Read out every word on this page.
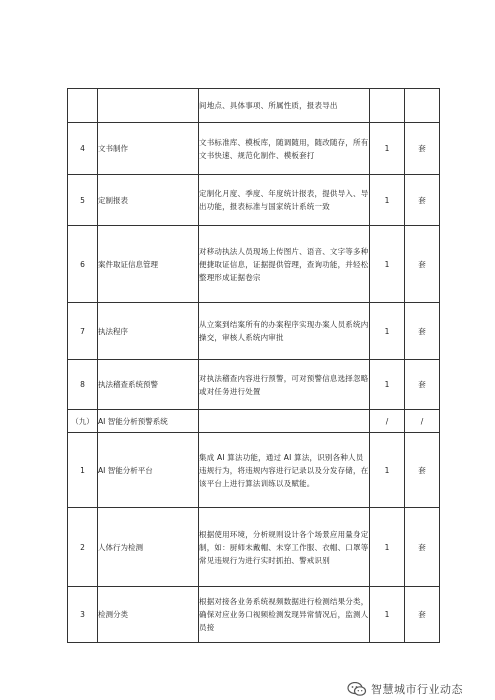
		间地点、具体事项、所属性质，报表导出		

4	文书制作	文书标准库、模板库，随调随用，随改随存，所有文书快速、规范化制作、模板套打	1	套
5	定制报表	定制化月度、季度、年度统计报表，提供导入、导出功能，报表标准与国家统计系统一致	1	套
6	案件取证信息管理	对移动执法人员现场上传图片、语音、文字等多种便捷取证信息，证据提供管理，查询功能，并轻松整理形成证据卷宗	1	套
7	执法程序	从立案到结案所有的办案程序实现办案人员系统内操交，审核人系统内审批	1	套
8	执法稽查系统预警	对执法稽查内容进行预警，可对预警信息选择忽略或对任务进行处置	1	套
（九）	AI 智能分析预警系统		/	/
1	AI 智能分析平台	集成 AI 算法功能，通过 AI 算法，识别各种人员违规行为，将违规内容进行记录以及分发存储，在该平台上进行算法训练以及赋能。	1	套
2	人体行为检测	根据使用环境，分析规则设计各个场景应用量身定制，如：厨师未戴帽、未穿工作服、衣帽、口罩等常见违规行为进行实时抓拍、警戒识别	1	套
3	检测分类	根据对接各业务系统视频数据进行检测结果分类，确保对应业务口视频检测发现异常情况后，监测人员接	1	套
智慧城市行业动态
